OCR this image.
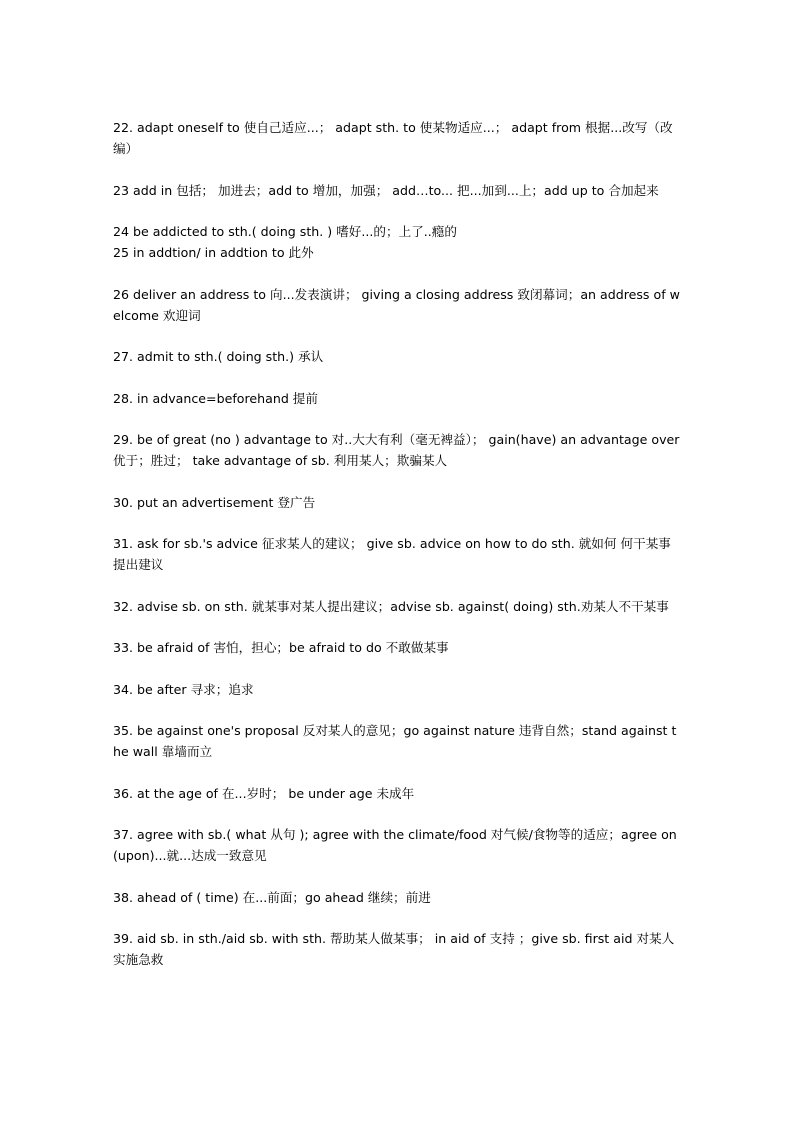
22. adapt oneself to 使自己适应...； adapt sth. to 使某物适应...； adapt from 根据...改写（改编）

23 add in 包括； 加进去；add to 增加，加强； add…to... 把...加到...上；add up to 合加起来

24 be addicted to sth.( doing sth. ) 嗜好...的；上了..瘾的

25 in addtion/ in addtion to 此外

26 deliver an address to 向...发表演讲； giving a closing address 致闭幕词；an address of welcome 欢迎词

27. admit to sth.( doing sth.) 承认

28. in advance=beforehand 提前

29. be of great (no ) advantage to 对..大大有利（毫无裨益）； gain(have) an advantage over 优于；胜过； take advantage of sb. 利用某人；欺骗某人

30. put an advertisement 登广告

31. ask for sb.'s advice 征求某人的建议； give sb. advice on how to do sth. 就如何 何干某事提出建议

32. advise sb. on sth. 就某事对某人提出建议；advise sb. against( doing) sth.劝某人不干某事

33. be afraid of 害怕，担心；be afraid to do 不敢做某事

34. be after 寻求；追求

35. be against one's proposal 反对某人的意见；go against nature 违背自然；stand against the wall 靠墙而立

36. at the age of 在...岁时； be under age 未成年

37. agree with sb.( what 从句 ); agree with the climate/food 对气候/食物等的适应；agree on (upon)...就...达成一致意见

38. ahead of ( time) 在...前面；go ahead 继续；前进

39. aid sb. in sth./aid sb. with sth. 帮助某人做某事； in aid of 支持 ；give sb. first aid 对某人实施急救
